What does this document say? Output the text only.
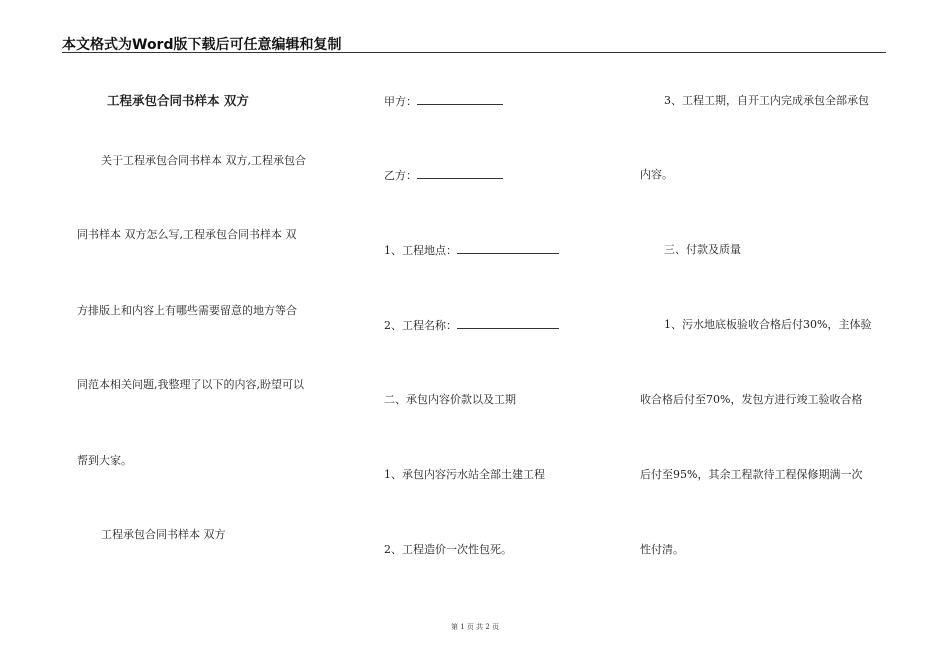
本文格式为Word版下载后可任意编辑和复制
工程承包合同书样本 双方
关于工程承包合同书样本 双方,工程承包合
同书样本 双方怎么写,工程承包合同书样本 双
方排版上和内容上有哪些需要留意的地方等合
同范本相关问题,我整理了以下的内容,盼望可以
帮到大家。
工程承包合同书样本 双方
甲方：
乙方：
1、工程地点：
2、工程名称：
二、承包内容价款以及工期
1、承包内容污水站全部土建工程
2、工程造价一次性包死。
3、工程工期，自开工内完成承包全部承包
内容。
三、付款及质量
1、污水地底板验收合格后付30%，主体验
收合格后付至70%，发包方进行竣工验收合格
后付至95%，其余工程款待工程保修期满一次
性付清。
第 1 页 共 2 页
